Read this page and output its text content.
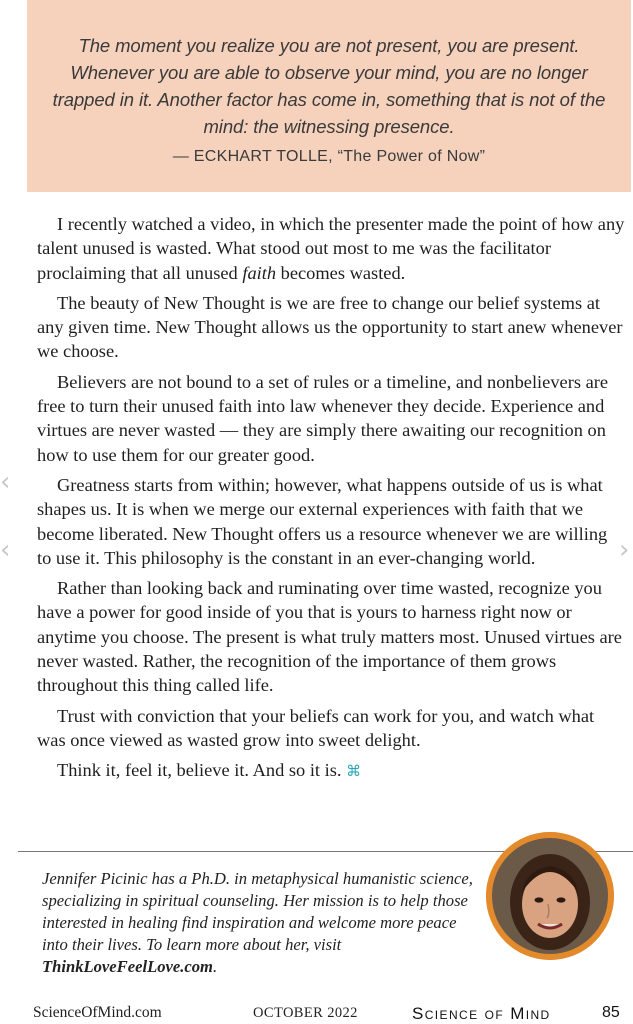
The moment you realize you are not present, you are present. Whenever you are able to observe your mind, you are no longer trapped in it. Another factor has come in, something that is not of the mind: the witnessing presence.

— ECKHART TOLLE, “The Power of Now”

I recently watched a video, in which the presenter made the point of how any talent unused is wasted. What stood out most to me was the facilitator proclaiming that all unused faith becomes wasted.

The beauty of New Thought is we are free to change our belief systems at any given time. New Thought allows us the opportunity to start anew whenever we choose.

Believers are not bound to a set of rules or a timeline, and nonbelievers are free to turn their unused faith into law whenever they decide. Experience and virtues are never wasted — they are simply there awaiting our recognition on how to use them for our greater good.

Greatness starts from within; however, what happens outside of us is what shapes us. It is when we merge our external experiences with faith that we become liberated. New Thought offers us a resource whenever we are willing to use it. This philosophy is the constant in an ever-changing world.

Rather than looking back and ruminating over time wasted, recognize you have a power for good inside of you that is yours to harness right now or anytime you choose. The present is what truly matters most. Unused virtues are never wasted. Rather, the recognition of the importance of them grows throughout this thing called life.

Trust with conviction that your beliefs can work for you, and watch what was once viewed as wasted grow into sweet delight.

Think it, feel it, believe it. And so it is. ⌘

Jennifer Picinic has a Ph.D. in metaphysical humanistic science, specializing in spiritual counseling. Her mission is to help those interested in healing find inspiration and welcome more peace into their lives. To learn more about her, visit ThinkLoveFeelLove.com.
‹
‹	›
ScienceOfMind.com	OCTOBER 2022	Science of Mind	85
